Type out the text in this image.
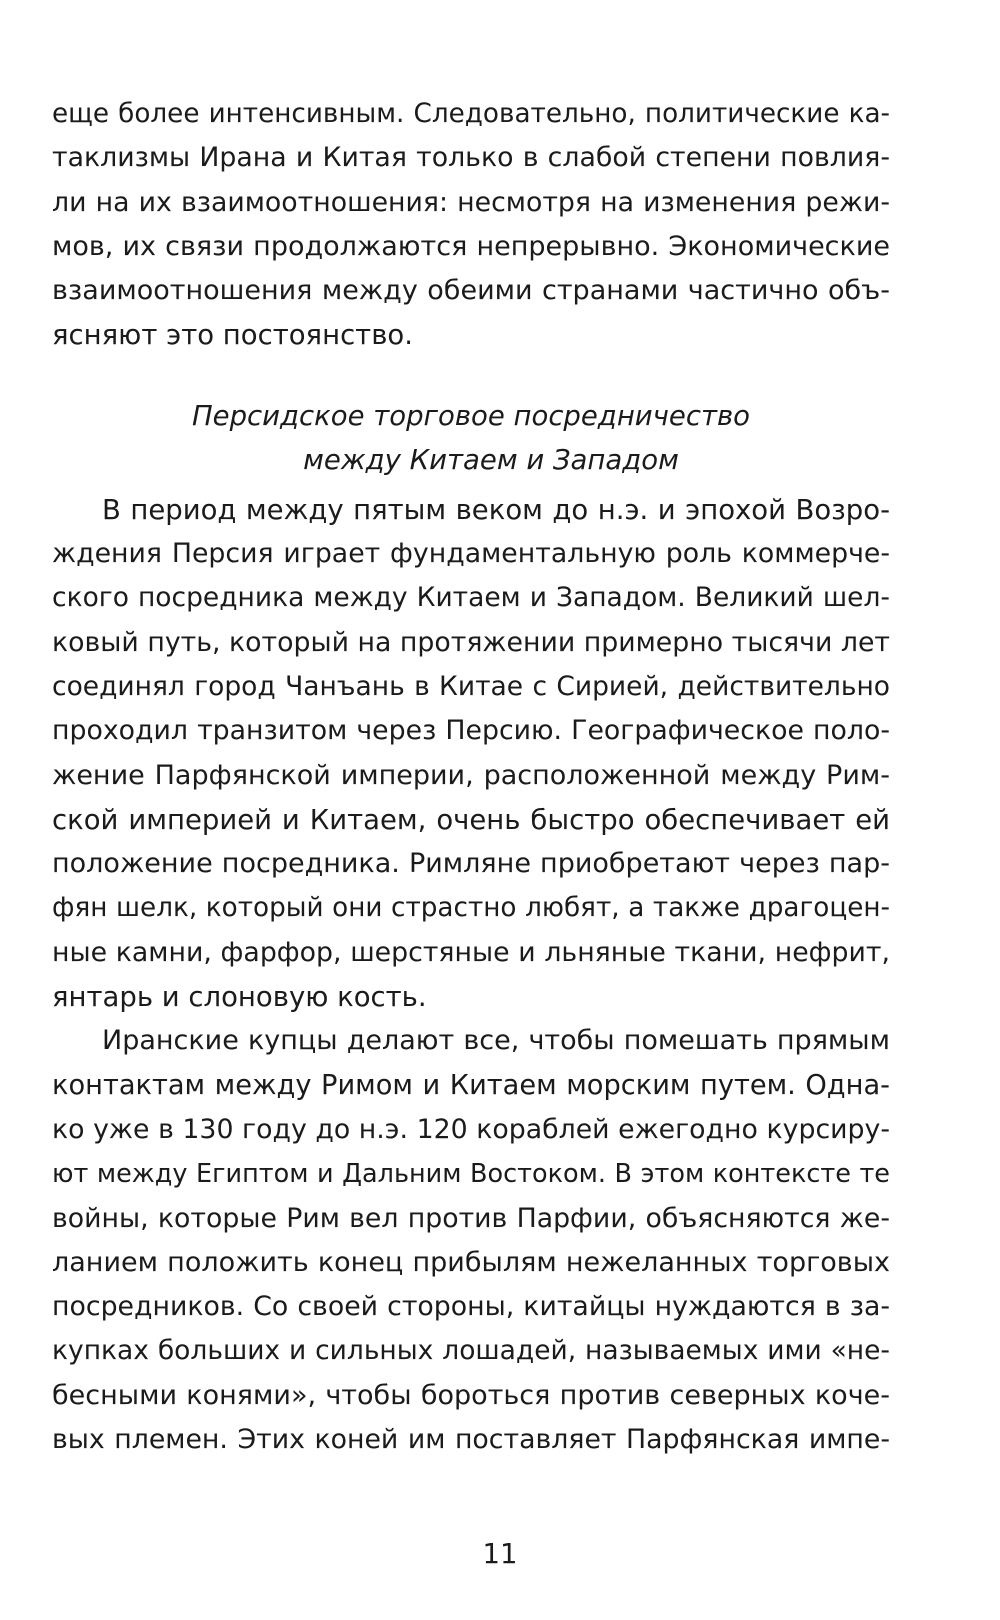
еще более интенсивным. Следовательно, политические ка-
таклизмы Ирана и Китая только в слабой степени повлия-
ли на их взаимоотношения: несмотря на изменения режи-
мов, их связи продолжаются непрерывно. Экономические
взаимоотношения между обеими странами частично объ-
ясняют это постоянство.
Персидское торговое посредничество
между Китаем и Западом
В период между пятым веком до н.э. и эпохой Возро-
ждения Персия играет фундаментальную роль коммерче-
ского посредника между Китаем и Западом. Великий шел-
ковый путь, который на протяжении примерно тысячи лет
соединял город Чанъань в Китае с Сирией, действительно
проходил транзитом через Персию. Географическое поло-
жение Парфянской империи, расположенной между Рим-
ской империей и Китаем, очень быстро обеспечивает ей
положение посредника. Римляне приобретают через пар-
фян шелк, который они страстно любят, а также драгоцен-
ные камни, фарфор, шерстяные и льняные ткани, нефрит,
янтарь и слоновую кость.
Иранские купцы делают все, чтобы помешать прямым
контактам между Римом и Китаем морским путем. Одна-
ко уже в 130 году до н.э. 120 кораблей ежегодно курсиру-
ют между Египтом и Дальним Востоком. В этом контексте те
войны, которые Рим вел против Парфии, объясняются же-
ланием положить конец прибылям нежеланных торговых
посредников. Со своей стороны, китайцы нуждаются в за-
купках больших и сильных лошадей, называемых ими «не-
бесными конями», чтобы бороться против северных коче-
вых племен. Этих коней им поставляет Парфянская импе-
11
